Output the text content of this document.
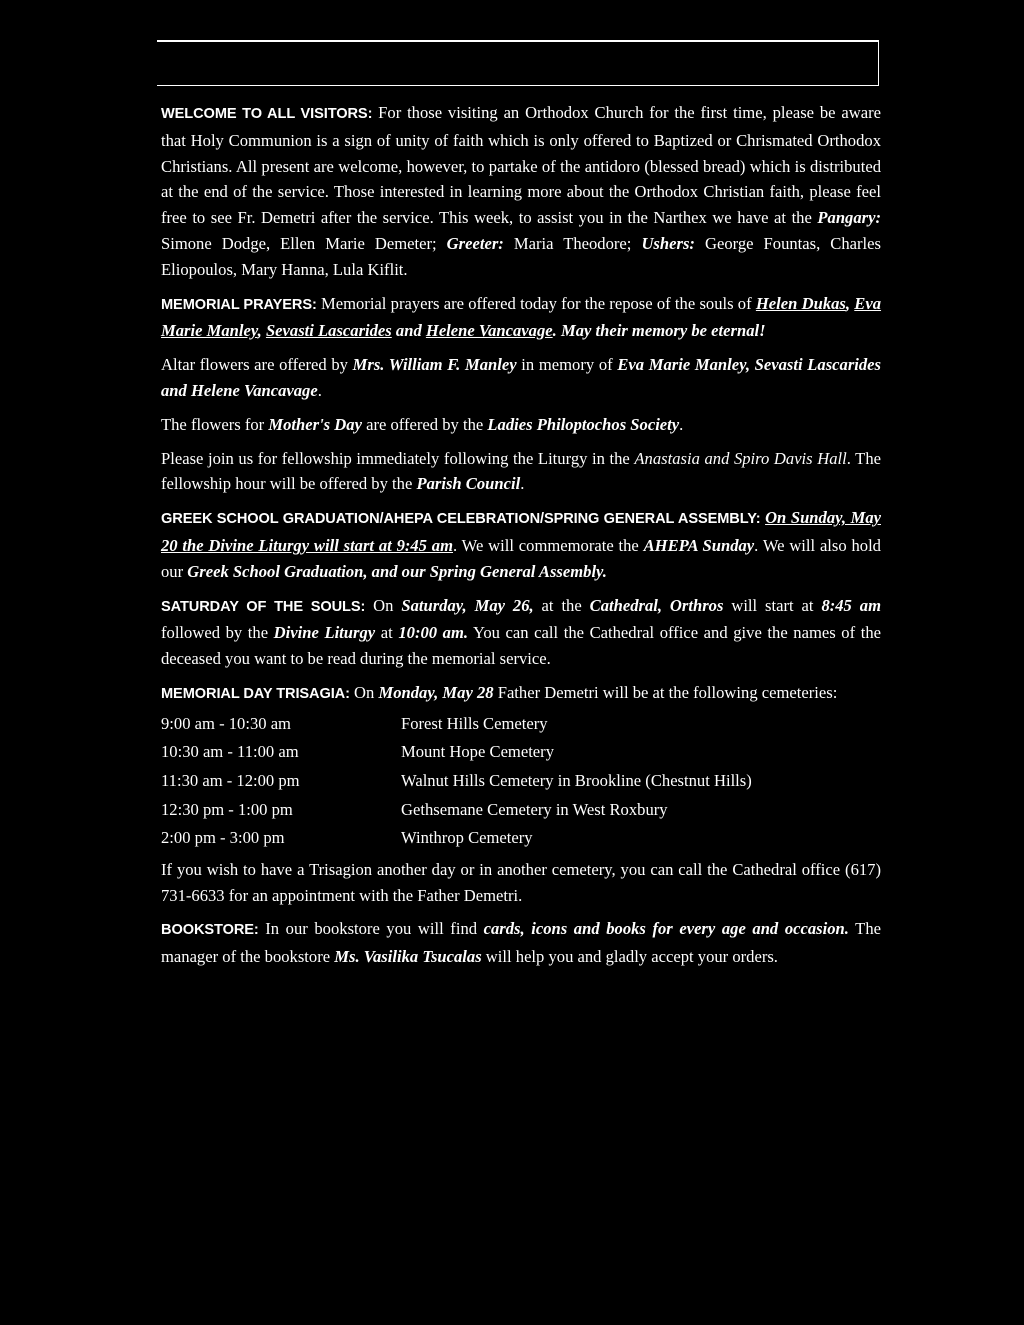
WELCOME TO ALL VISITORS: For those visiting an Orthodox Church for the first time, please be aware that Holy Communion is a sign of unity of faith which is only offered to Baptized or Chrismated Orthodox Christians. All present are welcome, however, to partake of the antidoro (blessed bread) which is distributed at the end of the service. Those interested in learning more about the Orthodox Christian faith, please feel free to see Fr. Demetri after the service. This week, to assist you in the Narthex we have at the Pangary: Simone Dodge, Ellen Marie Demeter; Greeter: Maria Theodore; Ushers: George Fountas, Charles Eliopoulos, Mary Hanna, Lula Kiflit.

MEMORIAL PRAYERS: Memorial prayers are offered today for the repose of the souls of Helen Dukas, Eva Marie Manley, Sevasti Lascarides and Helene Vancavage. May their memory be eternal!

Altar flowers are offered by Mrs. William F. Manley in memory of Eva Marie Manley, Sevasti Lascarides and Helene Vancavage.

The flowers for Mother's Day are offered by the Ladies Philoptochos Society.

Please join us for fellowship immediately following the Liturgy in the Anastasia and Spiro Davis Hall. The fellowship hour will be offered by the Parish Council.

GREEK SCHOOL GRADUATION/AHEPA CELEBRATION/SPRING GENERAL ASSEMBLY: On Sunday, May 20 the Divine Liturgy will start at 9:45 am. We will commemorate the AHEPA Sunday. We will also hold our Greek School Graduation, and our Spring General Assembly.

SATURDAY OF THE SOULS: On Saturday, May 26, at the Cathedral, Orthros will start at 8:45 am followed by the Divine Liturgy at 10:00 am. You can call the Cathedral office and give the names of the deceased you want to be read during the memorial service.

MEMORIAL DAY TRISAGIA: On Monday, May 28 Father Demetri will be at the following cemeteries:

9:00 am - 10:30 am	Forest Hills Cemetery
10:30 am - 11:00 am	Mount Hope Cemetery
11:30 am - 12:00 pm	Walnut Hills Cemetery in Brookline (Chestnut Hills)
12:30 pm - 1:00 pm	Gethsemane Cemetery in West Roxbury
2:00 pm - 3:00 pm	Winthrop Cemetery

If you wish to have a Trisagion another day or in another cemetery, you can call the Cathedral office (617) 731-6633 for an appointment with the Father Demetri.

BOOKSTORE: In our bookstore you will find cards, icons and books for every age and occasion. The manager of the bookstore Ms. Vasilika Tsucalas will help you and gladly accept your orders.
